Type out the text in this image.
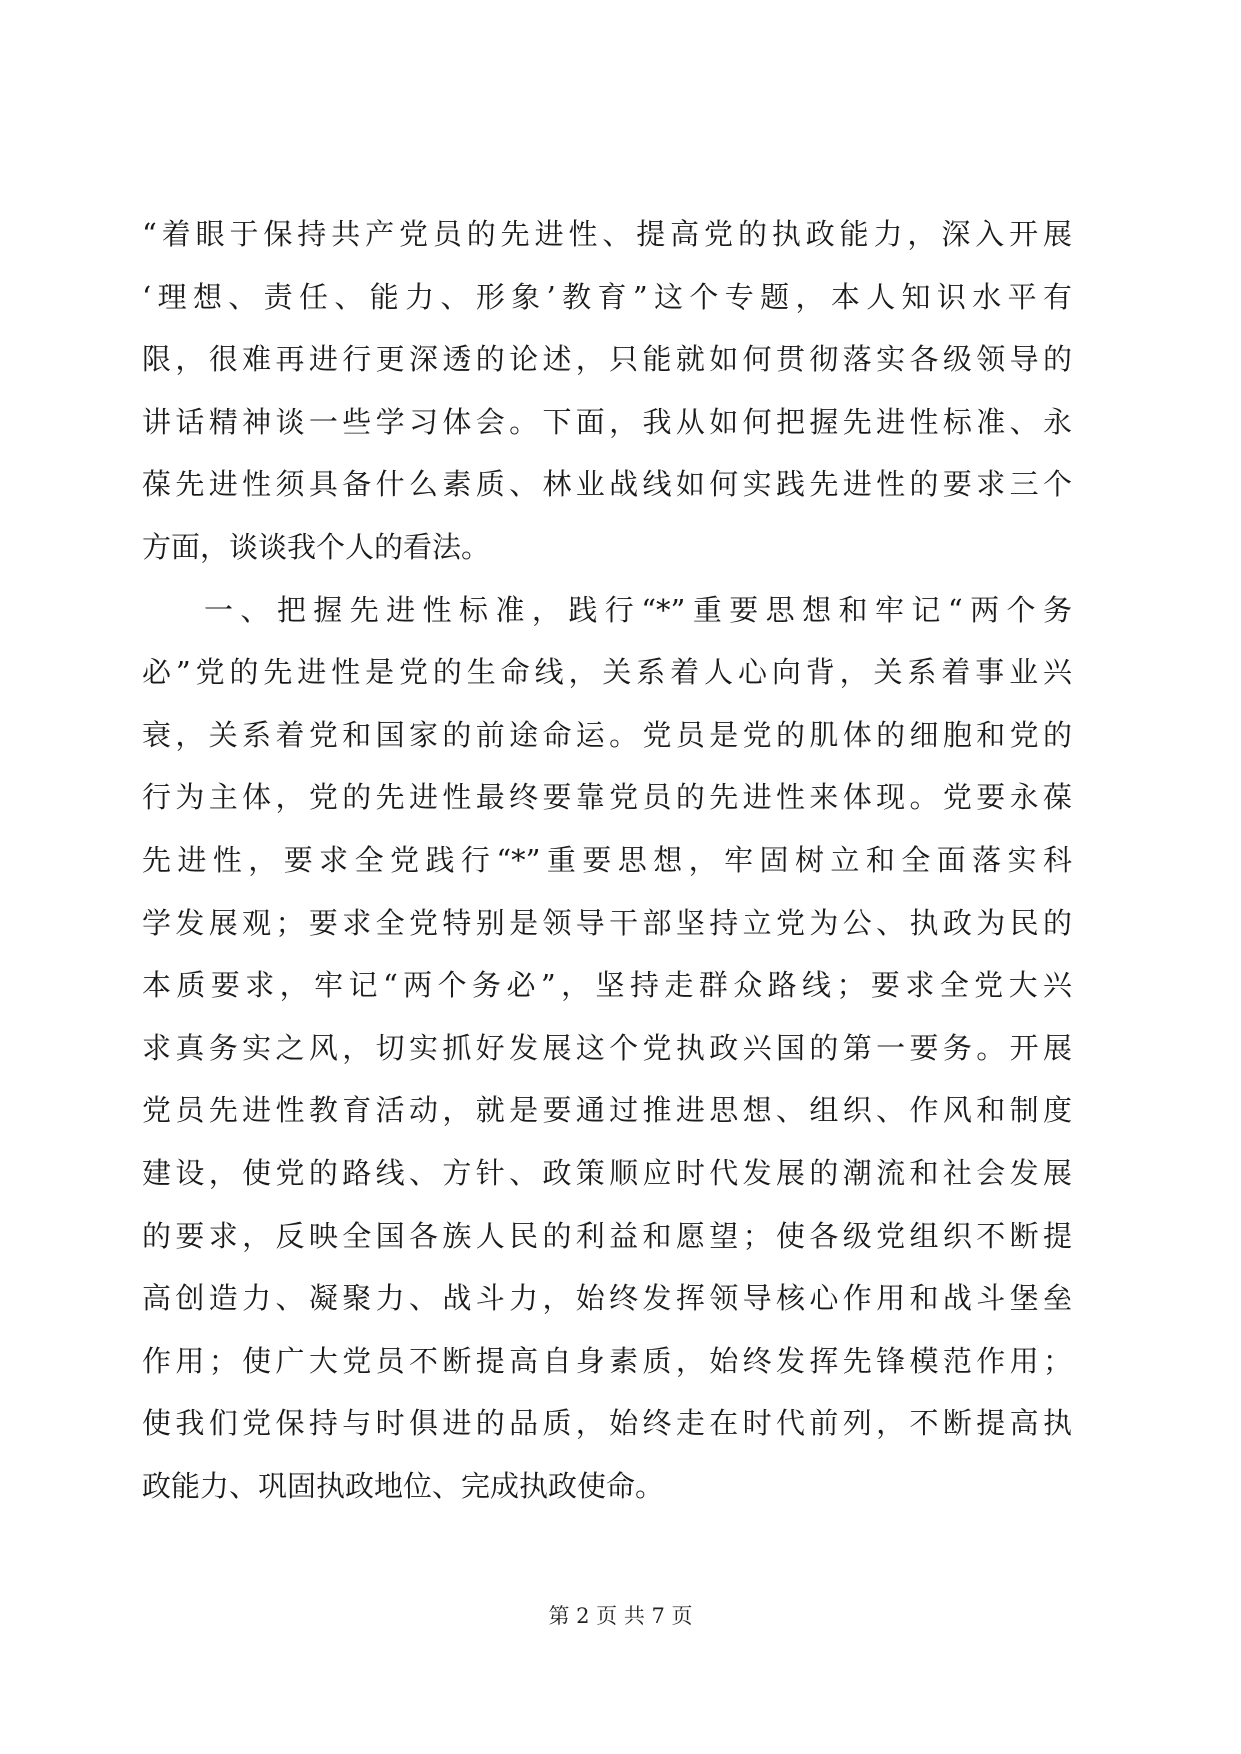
“着眼于保持共产党员的先进性、提高党的执政能力，深入开展
‘理想、责任、能力、形象’教育”这个专题，本人知识水平有
限，很难再进行更深透的论述，只能就如何贯彻落实各级领导的
讲话精神谈一些学习体会。下面，我从如何把握先进性标准、永
葆先进性须具备什么素质、林业战线如何实践先进性的要求三个
方面，谈谈我个人的看法。
一、把握先进性标准，践行“*”重要思想和牢记“两个务
必”党的先进性是党的生命线，关系着人心向背，关系着事业兴
衰，关系着党和国家的前途命运。党员是党的肌体的细胞和党的
行为主体，党的先进性最终要靠党员的先进性来体现。党要永葆
先进性，要求全党践行“*”重要思想，牢固树立和全面落实科
学发展观；要求全党特别是领导干部坚持立党为公、执政为民的
本质要求，牢记“两个务必”，坚持走群众路线；要求全党大兴
求真务实之风，切实抓好发展这个党执政兴国的第一要务。开展
党员先进性教育活动，就是要通过推进思想、组织、作风和制度
建设，使党的路线、方针、政策顺应时代发展的潮流和社会发展
的要求，反映全国各族人民的利益和愿望；使各级党组织不断提
高创造力、凝聚力、战斗力，始终发挥领导核心作用和战斗堡垒
作用；使广大党员不断提高自身素质，始终发挥先锋模范作用；
使我们党保持与时俱进的品质，始终走在时代前列，不断提高执
政能力、巩固执政地位、完成执政使命。
第 2 页 共 7 页
